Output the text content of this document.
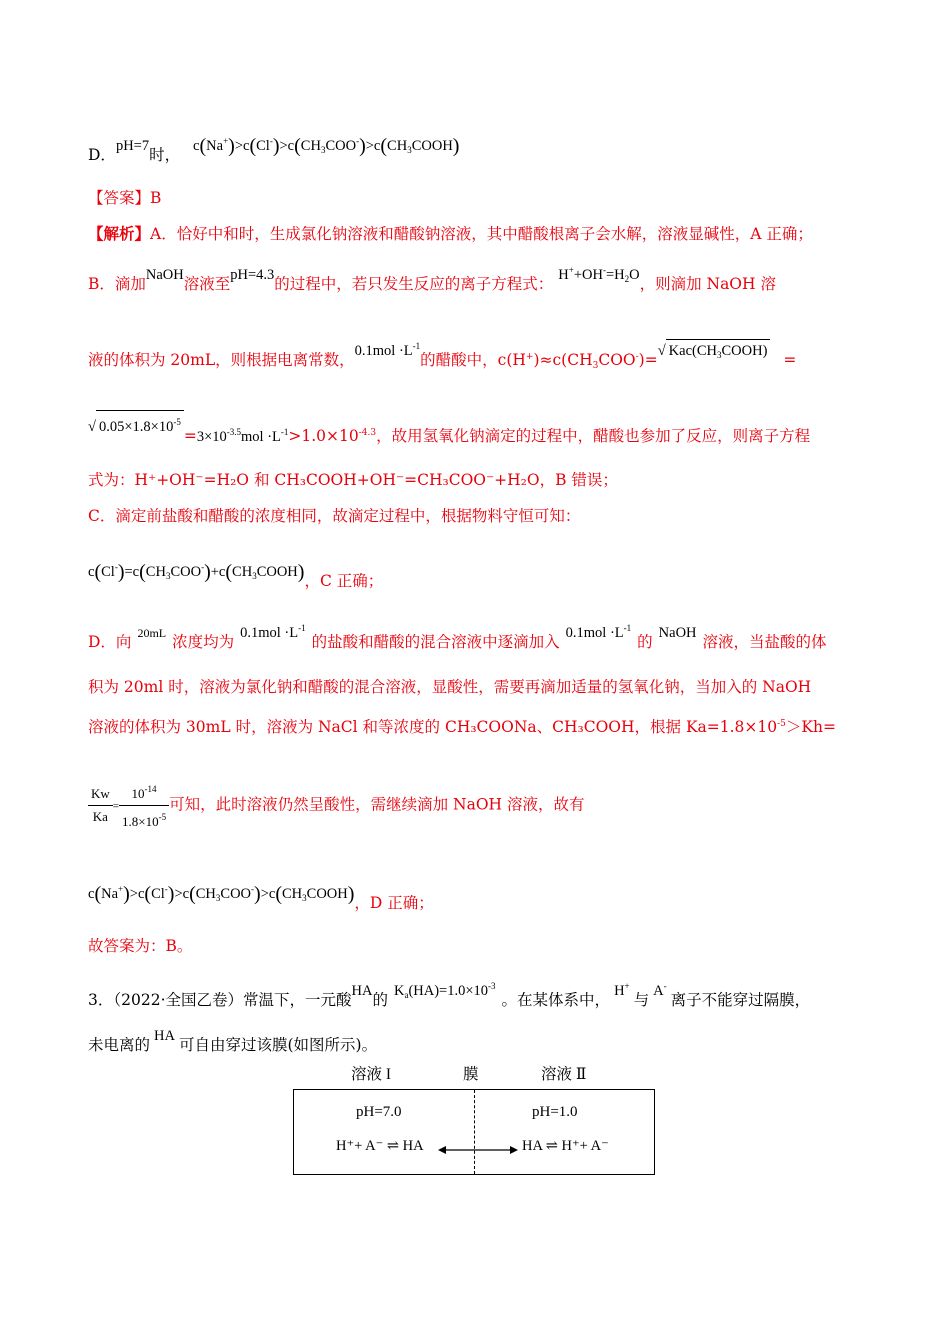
D．pH=7时， $c(Na^+)>c(Cl^-)>c(CH_3COO^-)>c(CH_3COOH)$
【答案】B
【解析】A．恰好中和时，生成氯化钠溶液和醋酸钠溶液，其中醋酸根离子会水解，溶液显碱性，A 正确；
B．滴加NaOH溶液至pH=4.3的过程中，若只发生反应的离子方程式： $H^++OH^-=H_2O$，则滴加 NaOH 溶
液的体积为 20mL，则根据电离常数，$0.1mol \cdot L^{-1}$的醋酸中，$c(H^+)\approx c(CH_3COO^-)=√$ $Kac(CH_3COOH)$ =
√ $0.05\times 1.8\times 10^{-5}=3\times 10^{-3.5}mol \cdot L^{-1}>1.0\times 10^{-4.3}$，故用氢氧化钠滴定的过程中，醋酸也参加了反应，则离子方程
式为：H⁺+OH⁻=H₂O 和 CH₃COOH+OH⁻=CH₃COO⁻+H₂O，B 错误；
C．滴定前盐酸和醋酸的浓度相同，故滴定过程中，根据物料守恒可知：
$c(Cl^-)=c(CH_3COO^-)+c(CH_3COOH)$，C 正确；
D．向 $^{20mL}$ 浓度均为 $0.1mol \cdot L^{-1}$的盐酸和醋酸的混合溶液中逐滴加入 $0.1mol \cdot L^{-1}$的 NaOH 溶液，当盐酸的体
积为 20ml 时，溶液为氯化钠和醋酸的混合溶液，显酸性，需要再滴加适量的氢氧化钠，当加入的 NaOH
溶液的体积为 30mL 时，溶液为 NaCl 和等浓度的 CH₃COONa、CH₃COOH，根据 $Ka=1.8\times 10^{-5}>Kh=$
$\frac{Kw}{Ka} = \frac{10^{-14}}{1.8\times 10^{-5}}$ 可知，此时溶液仍然呈酸性，需继续滴加 NaOH 溶液，故有
$c(Na^+)>c(Cl^-)>c(CH_3COO^-)>c(CH_3COOH)$，D 正确；
故答案为：B。
3．（2022·全国乙卷）常温下，一元酸HA的 $K_a(HA)=1.0\times 10^{-3}$。在某体系中， H+与 A-离子不能穿过隔膜，
未电离的 HA 可自由穿过该膜(如图所示)。
溶液 I	膜	溶液 Ⅱ
pH=7.0	pH=1.0
H⁺+ A⁻ ⇌ HA	HA ⇌ H⁺+ A⁻
